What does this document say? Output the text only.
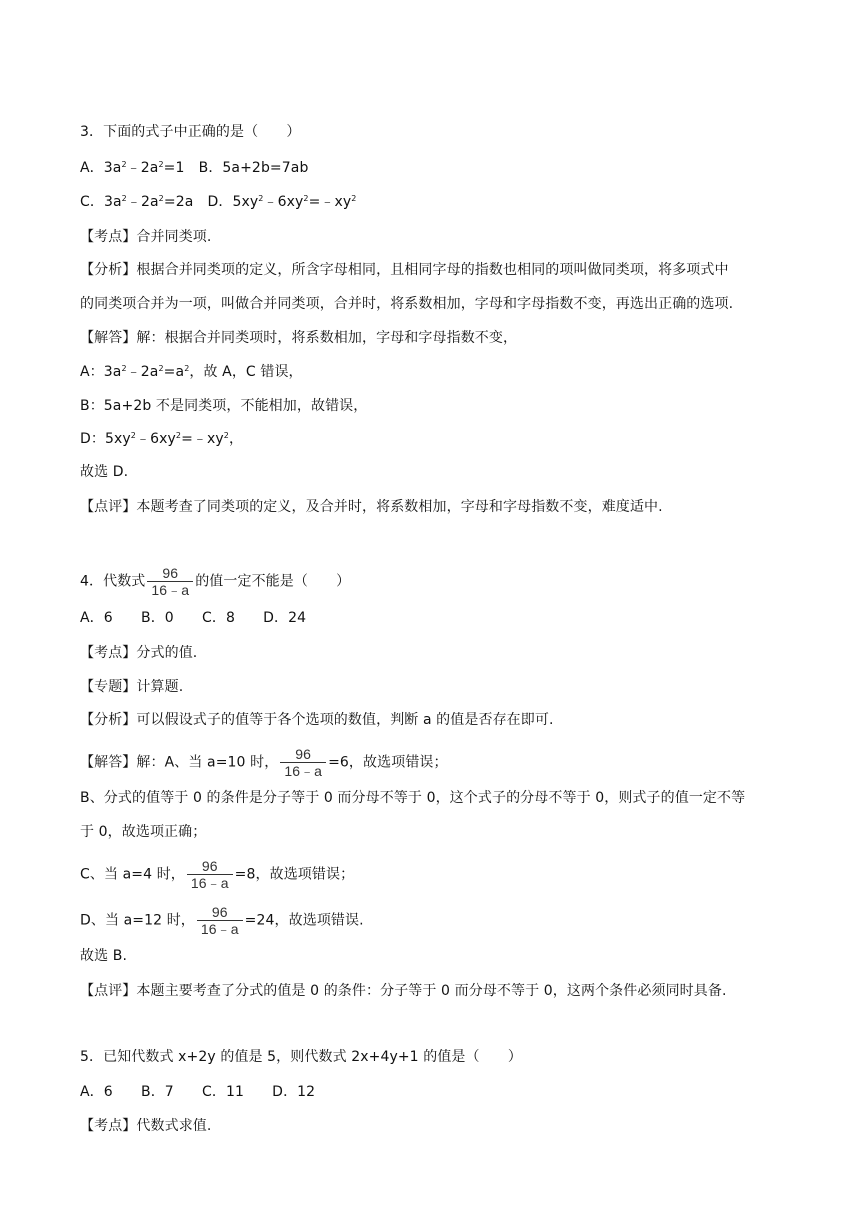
3．下面的式子中正确的是（　　）
A．$3a^2﹣2a^2=1$　B．5a+2b=7ab
C．$3a^2﹣2a^2=2a$　D．$5xy^2﹣6xy^2=﹣xy^2$
【考点】合并同类项.
【分析】根据合并同类项的定义，所含字母相同，且相同字母的指数也相同的项叫做同类项，将多项式中
的同类项合并为一项，叫做合并同类项，合并时，将系数相加，字母和字母指数不变，再选出正确的选项.
【解答】解：根据合并同类项时，将系数相加，字母和字母指数不变，
A：$3a^2﹣2a^2=a^2$，故 A，C 错误，
B：5a+2b 不是同类项，不能相加，故错误，
D：$5xy^2﹣6xy^2=﹣xy^2$，
故选 D.
【点评】本题考查了同类项的定义，及合并时，将系数相加，字母和字母指数不变，难度适中.
4．代数式 $\frac{96}{16﹣a}$ 的值一定不能是（　　）
A．6　　B．0　　C．8　　D．24
【考点】分式的值.
【专题】计算题.
【分析】可以假设式子的值等于各个选项的数值，判断 a 的值是否存在即可.
【解答】解：A、当 a=10 时， $\frac{96}{16﹣a} =6$，故选项错误；
B、分式的值等于 0 的条件是分子等于 0 而分母不等于 0，这个式子的分母不等于 0，则式子的值一定不等
于 0，故选项正确；
C、当 a=4 时， $\frac{96}{16﹣a} =8$，故选项错误；
D、当 a=12 时， $\frac{96}{16﹣a} =24$，故选项错误.
故选 B.
【点评】本题主要考查了分式的值是 0 的条件：分子等于 0 而分母不等于 0，这两个条件必须同时具备.
5．已知代数式 x+2y 的值是 5，则代数式 2x+4y+1 的值是（　　）
A．6　　B．7　　C．11　　D．12
【考点】代数式求值.
